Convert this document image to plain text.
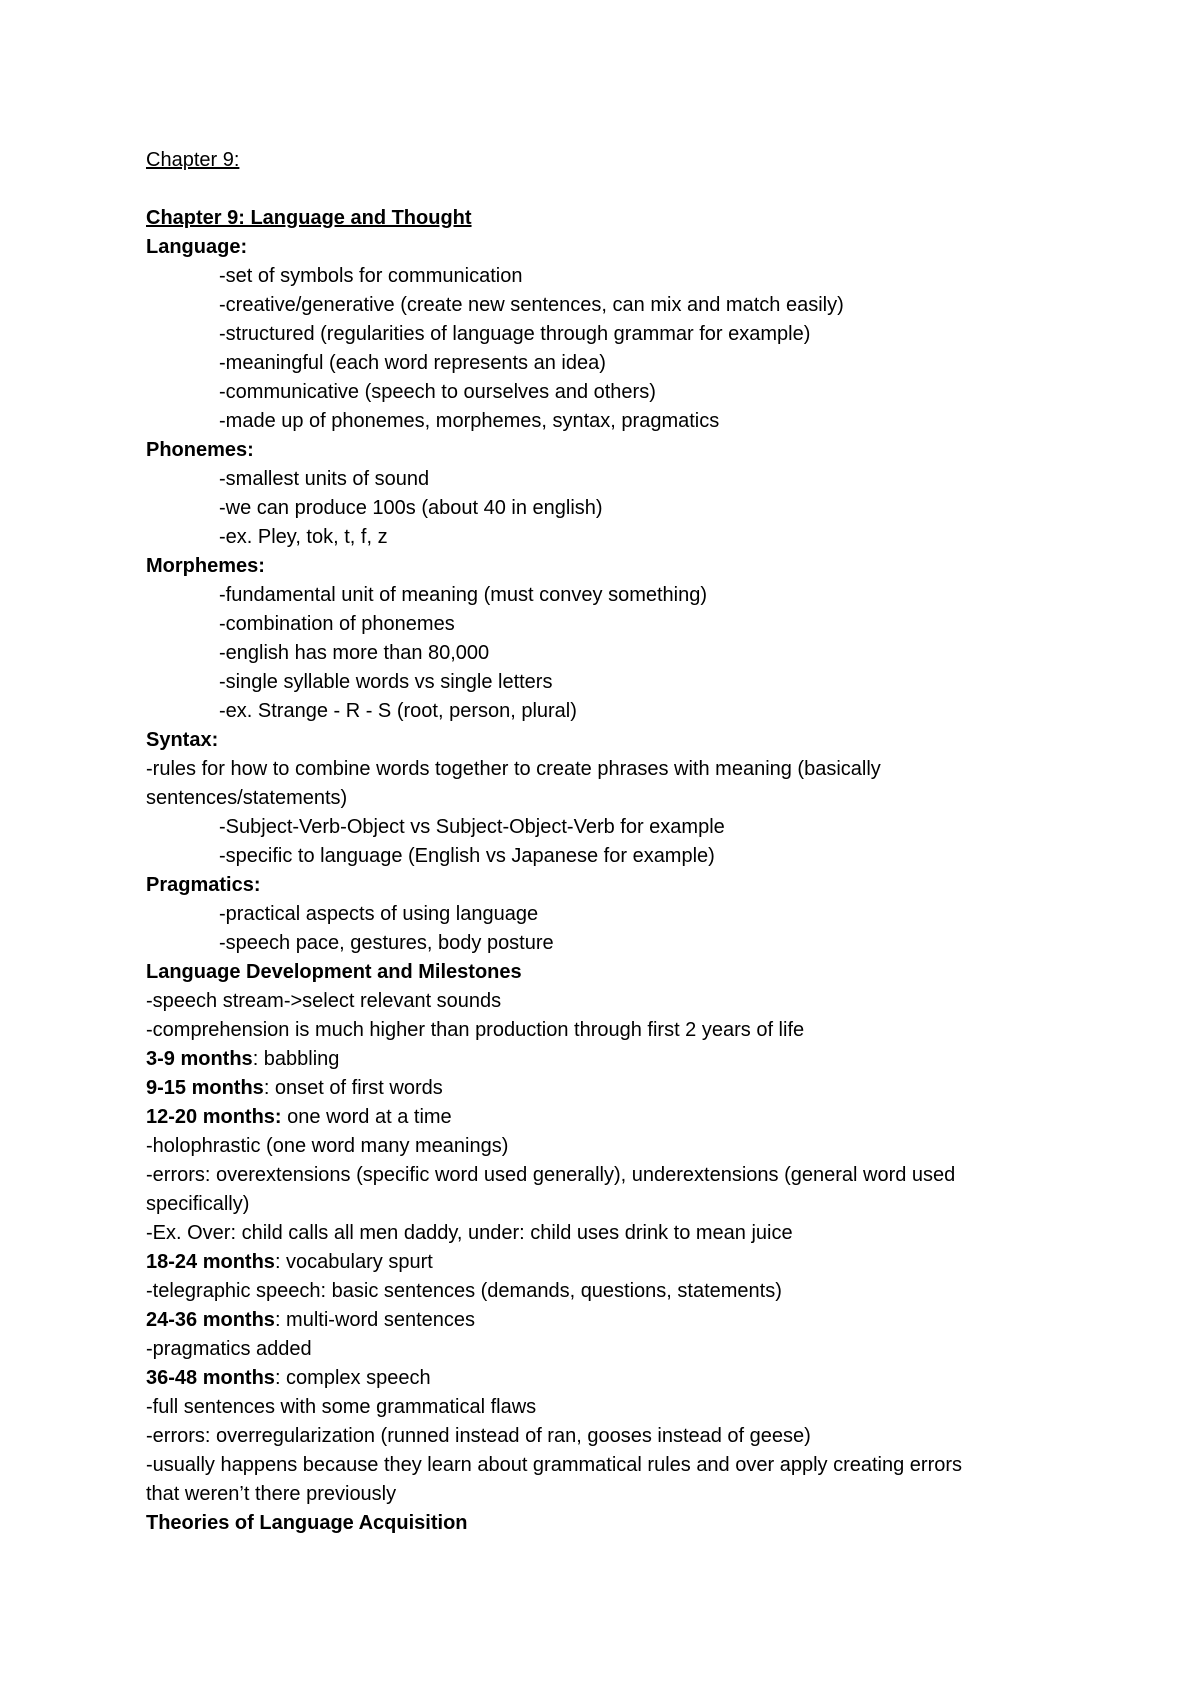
Chapter 9:
Chapter 9: Language and Thought
Language:
-set of symbols for communication
-creative/generative (create new sentences, can mix and match easily)
-structured (regularities of language through grammar for example)
-meaningful (each word represents an idea)
-communicative (speech to ourselves and others)
-made up of phonemes, morphemes, syntax, pragmatics
Phonemes:
-smallest units of sound
-we can produce 100s (about 40 in english)
-ex. Pley, tok, t, f, z
Morphemes:
-fundamental unit of meaning (must convey something)
-combination of phonemes
-english has more than 80,000
-single syllable words vs single letters
-ex. Strange - R - S (root, person, plural)
Syntax:
-rules for how to combine words together to create phrases with meaning (basically
sentences/statements)
-Subject-Verb-Object vs Subject-Object-Verb for example
-specific to language (English vs Japanese for example)
Pragmatics:
-practical aspects of using language
-speech pace, gestures, body posture
Language Development and Milestones
-speech stream->select relevant sounds
-comprehension is much higher than production through first 2 years of life
3-9 months: babbling
9-15 months: onset of first words
12-20 months: one word at a time
-holophrastic (one word many meanings)
-errors: overextensions (specific word used generally), underextensions (general word used
specifically)
-Ex. Over: child calls all men daddy, under: child uses drink to mean juice
18-24 months: vocabulary spurt
-telegraphic speech: basic sentences (demands, questions, statements)
24-36 months: multi-word sentences
-pragmatics added
36-48 months: complex speech
-full sentences with some grammatical flaws
-errors: overregularization (runned instead of ran, gooses instead of geese)
-usually happens because they learn about grammatical rules and over apply creating errors
that weren’t there previously
Theories of Language Acquisition
